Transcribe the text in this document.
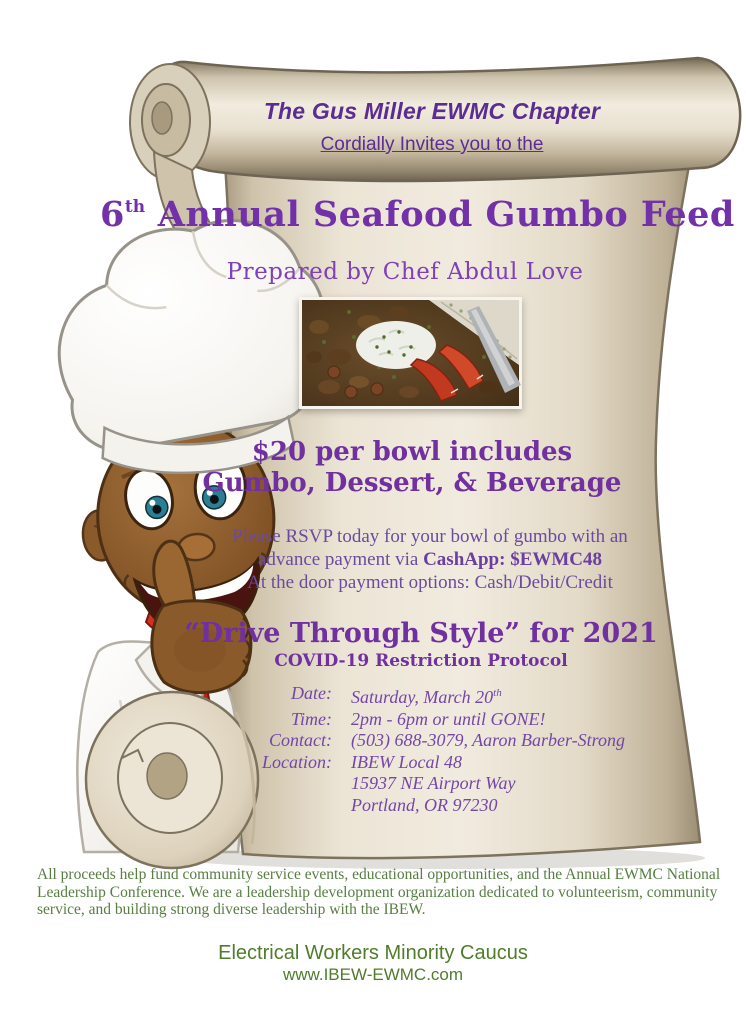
The Gus Miller EWMC Chapter
Cordially Invites you to the
6th Annual Seafood Gumbo Feed
Prepared by Chef Abdul Love
$20 per bowl includes
Gumbo, Dessert, & Beverage
Please RSVP today for your bowl of gumbo with an
advance payment via CashApp: $EWMC48
At the door payment options: Cash/Debit/Credit
“Drive Through Style” for 2021
COVID-19 Restriction Protocol
Date:	Saturday, March 20th
Time:	2pm - 6pm or until GONE!
Contact:	(503) 688-3079, Aaron Barber-Strong
Location:	IBEW Local 48
15937 NE Airport Way
Portland, OR 97230
All proceeds help fund community service events, educational opportunities, and the Annual EWMC National
Leadership Conference. We are a leadership development organization dedicated to volunteerism, community
service, and building strong diverse leadership with the IBEW.
Electrical Workers Minority Caucus
www.IBEW-EWMC.com
